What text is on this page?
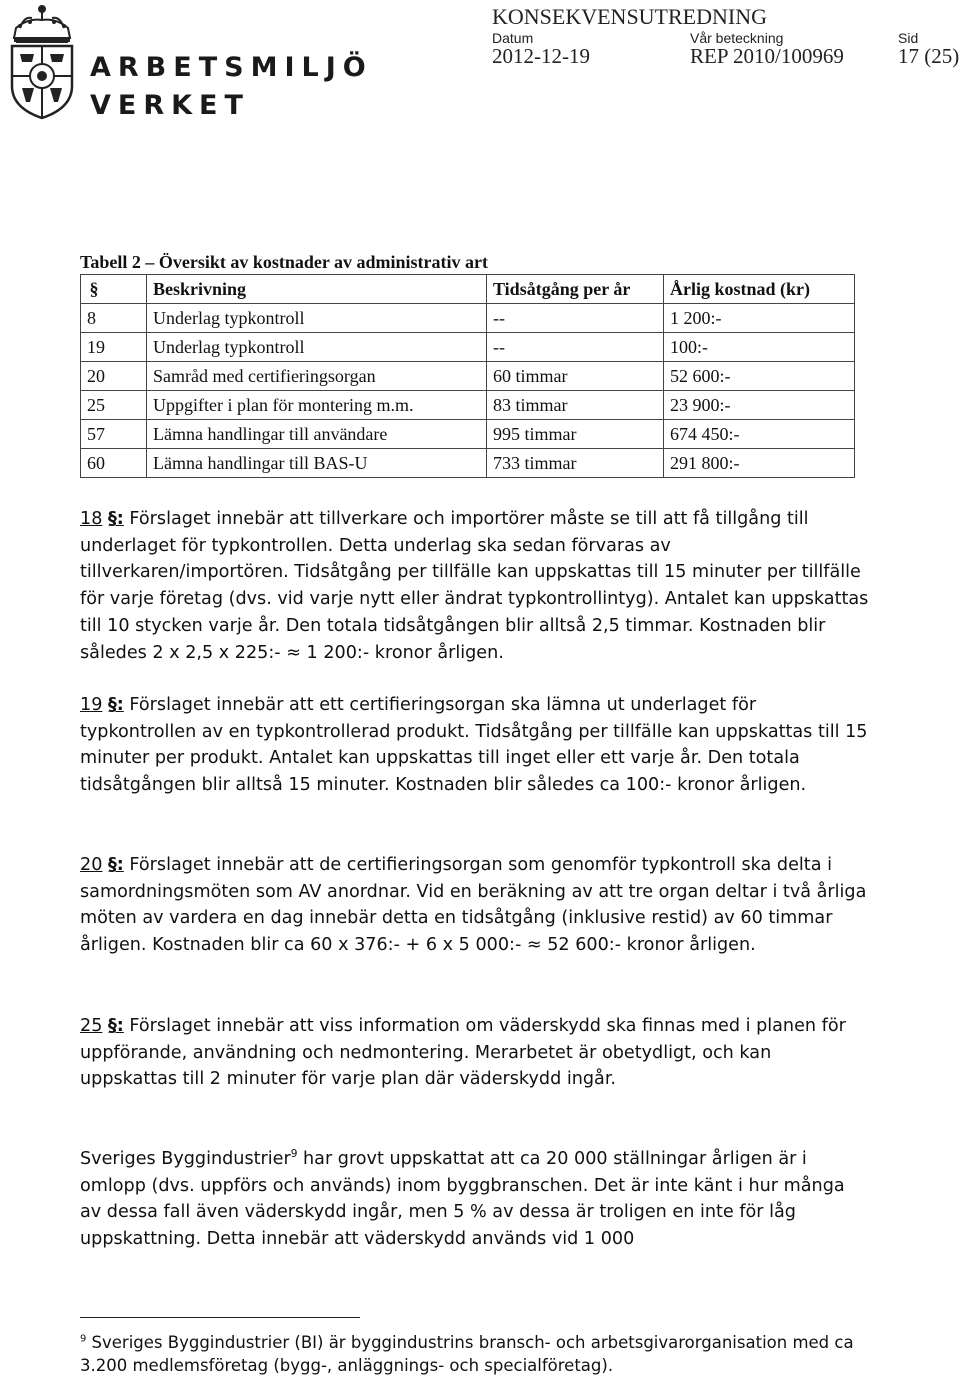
ARBETSMILJÖ
VERKET
KONSEKVENSUTREDNING
Datum
2012-12-19
Vår beteckning
REP 2010/100969
Sid
17 (25)
Tabell 2 – Översikt av kostnader av administrativ art
§	Beskrivning	Tidsåtgång per år	Årlig kostnad (kr)
8	Underlag typkontroll	--	1 200:-
19	Underlag typkontroll	--	100:-
20	Samråd med certifieringsorgan	60 timmar	52 600:-
25	Uppgifter i plan för montering m.m.	83 timmar	23 900:-
57	Lämna handlingar till användare	995 timmar	674 450:-
60	Lämna handlingar till BAS-U	733 timmar	291 800:-

18 §: Förslaget innebär att tillverkare och importörer måste se till att få tillgång till underlaget för typkontrollen. Detta underlag ska sedan förvaras av tillverkaren/importören. Tidsåtgång per tillfälle kan uppskattas till 15 minuter per tillfälle för varje företag (dvs. vid varje nytt eller ändrat typkontrollintyg). Antalet kan uppskattas till 10 stycken varje år. Den totala tidsåtgången blir alltså 2,5 timmar. Kostnaden blir således 2 x 2,5 x 225:- ≈ 1 200:- kronor årligen.

19 §: Förslaget innebär att ett certifieringsorgan ska lämna ut underlaget för typkontrollen av en typkontrollerad produkt. Tidsåtgång per tillfälle kan uppskattas till 15 minuter per produkt. Antalet kan uppskattas till inget eller ett varje år. Den totala tidsåtgången blir alltså 15 minuter. Kostnaden blir således ca 100:- kronor årligen.

20 §: Förslaget innebär att de certifieringsorgan som genomför typkontroll ska delta i samordningsmöten som AV anordnar. Vid en beräkning av att tre organ deltar i två årliga möten av vardera en dag innebär detta en tidsåtgång (inklusive restid) av 60 timmar årligen. Kostnaden blir ca 60 x 376:- + 6 x 5 000:- ≈ 52 600:- kronor årligen.

25 §: Förslaget innebär att viss information om väderskydd ska finnas med i planen för uppförande, användning och nedmontering. Merarbetet är obetydligt, och kan uppskattas till 2 minuter för varje plan där väderskydd ingår.

Sveriges Byggindustrier$^9$ har grovt uppskattat att ca 20 000 ställningar årligen är i omlopp (dvs. uppförs och används) inom byggbranschen. Det är inte känt i hur många av dessa fall även väderskydd ingår, men 5 % av dessa är troligen en inte för låg uppskattning. Detta innebär att väderskydd används vid 1 000

$^9$ Sveriges Byggindustrier (BI) är byggindustrins bransch- och arbetsgivarorganisation med ca 3.200 medlemsföretag (bygg-, anläggnings- och specialföretag).
